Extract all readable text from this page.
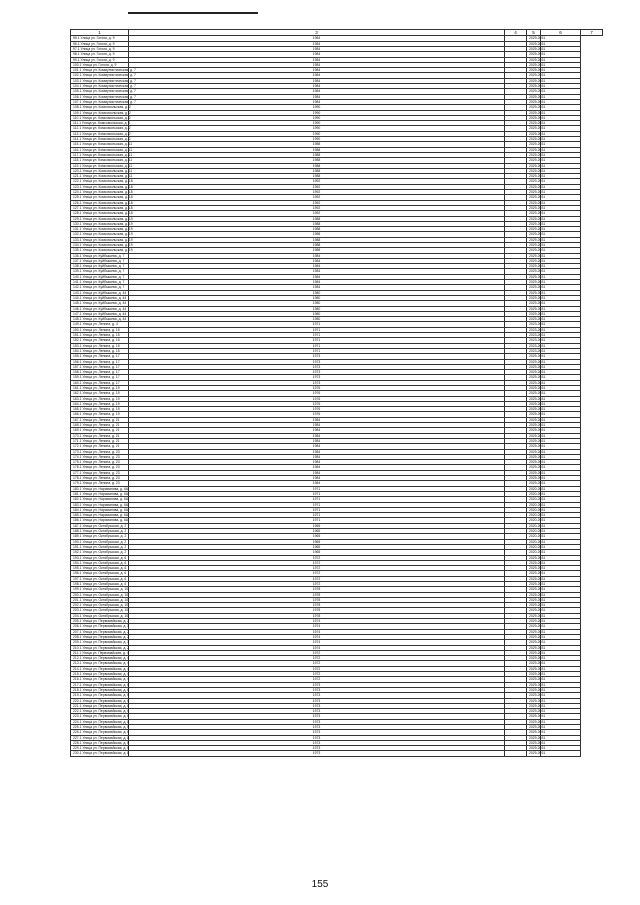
1		3	4	5	6	7
95.1 Улица ул. Гоголя, д. 9		1984		2029-2031		
96.1 Улица ул. Гоголя, д. 9		1984		2029-2031		
97.1 Улица ул. Гоголя, д. 9		1984		2029-2031		
98.1 Улица ул. Гоголя, д. 9		1984		2029-2031		
99.1 Улица ул. Гоголя, д. 9		1984		2029-2031		
100.1 Улица ул. Гоголя, д. 9		1984		2029-2031		
101.1 Улица ул. Коммунистическая, д. 7		1984		2029-2031		
102.1 Улица ул. Коммунистическая, д. 7		1984		2029-2031		
103.1 Улица ул. Коммунистическая, д. 7		1984		2029-2031		
104.1 Улица ул. Коммунистическая, д. 7		1984		2029-2031		
105.1 Улица ул. Коммунистическая, д. 7		1984		2029-2031		
106.1 Улица ул. Коммунистическая, д. 7		1984		2029-2031		
107.1 Улица ул. Коммунистическая, д. 7		1984		2029-2031		
108.1 Улица ул. Комсомольская, д. 2		1990		2029-2031		
109.1 Улица ул. Комсомольская, д. 2		1990		2029-2031		
110.1 Улица ул. Комсомольская, д. 2		1990		2029-2031		
111.1 Улица ул. Комсомольская, д. 2		1990		2029-2031		
112.1 Улица ул. Комсомольская, д. 2		1990		2029-2031		
113.1 Улица ул. Комсомольская, д. 2		1990		2029-2031		
114.1 Улица ул. Комсомольская, д. 2		1990		2029-2031		
115.1 Улица ул. Комсомольская, д. 11		1988		2029-2031		
116.1 Улица ул. Комсомольская, д. 11		1988		2029-2031		
117.1 Улица ул. Комсомольская, д. 11		1988		2029-2031		
118.1 Улица ул. Комсомольская, д. 11		1988		2029-2031		
119.1 Улица ул. Комсомольская, д. 11		1988		2029-2031		
120.1 Улица ул. Комсомольская, д. 11		1988		2029-2031		
121.1 Улица ул. Комсомольская, д. 11		1988		2029-2031		
122.1 Улица ул. Комсомольская, д. 18		1992		2029-2031		
123.1 Улица ул. Комсомольская, д. 18		1992		2029-2031		
124.1 Улица ул. Комсомольская, д. 18		1992		2029-2031		
125.1 Улица ул. Комсомольская, д. 18		1992		2029-2031		
126.1 Улица ул. Комсомольская, д. 18		1992		2029-2031		
127.1 Улица ул. Комсомольская, д. 18		1992		2029-2031		
128.1 Улица ул. Комсомольская, д. 18		1992		2029-2031		
129.1 Улица ул. Комсомольская, д. 19		1988		2029-2031		
130.1 Улица ул. Комсомольская, д. 19		1988		2029-2031		
131.1 Улица ул. Комсомольская, д. 19		1988		2029-2031		
132.1 Улица ул. Комсомольская, д. 19		1988		2029-2031		
133.1 Улица ул. Комсомольская, д. 19		1988		2029-2031		
134.1 Улица ул. Комсомольская, д. 19		1988		2029-2031		
135.1 Улица ул. Комсомольская, д. 19		1988		2029-2031		
136.1 Улица ул. Куйбышева, д. 7		1984		2029-2031		
137.1 Улица ул. Куйбышева, д. 7		1984		2029-2031		
138.1 Улица ул. Куйбышева, д. 7		1984		2029-2031		
139.1 Улица ул. Куйбышева, д. 7		1984		2029-2031		
140.1 Улица ул. Куйбышева, д. 7		1984		2029-2031		
141.1 Улица ул. Куйбышева, д. 7		1984		2029-2031		
142.1 Улица ул. Куйбышева, д. 7		1984		2029-2031		
143.1 Улица ул. Куйбышева, д. 44		1980		2029-2031		
144.1 Улица ул. Куйбышева, д. 44		1980		2029-2031		
145.1 Улица ул. Куйбышева, д. 44		1980		2029-2031		
146.1 Улица ул. Куйбышева, д. 44		1980		2029-2031		
147.1 Улица ул. Куйбышева, д. 44		1980		2029-2031		
148.1 Улица ул. Куйбышева, д. 44		1980		2029-2031		
149.1 Улица ул. Ленина, д. 4		1971		2023-2031		
150.1 Улица ул. Ленина, д. 15		1971		2023-2031		
151.1 Улица ул. Ленина, д. 15		1971		2023-2031		
152.1 Улица ул. Ленина, д. 15		1971		2023-2031		
153.1 Улица ул. Ленина, д. 15		1971		2023-2031		
154.1 Улица ул. Ленина, д. 15		1971		2023-2031		
155.1 Улица ул. Ленина, д. 17		1973		2029-2031		
156.1 Улица ул. Ленина, д. 17		1973		2029-2031		
157.1 Улица ул. Ленина, д. 17		1973		2029-2031		
158.1 Улица ул. Ленина, д. 17		1973		2029-2031		
159.1 Улица ул. Ленина, д. 17		1973		2029-2031		
160.1 Улица ул. Ленина, д. 17		1973		2029-2031		
161.1 Улица ул. Ленина, д. 19		1976		2029-2031		
162.1 Улица ул. Ленина, д. 19		1976		2029-2031		
163.1 Улица ул. Ленина, д. 19		1976		2029-2031		
164.1 Улица ул. Ленина, д. 19		1976		2029-2031		
165.1 Улица ул. Ленина, д. 19		1976		2029-2031		
166.1 Улица ул. Ленина, д. 19		1976		2029-2031		
167.1 Улица ул. Ленина, д. 21		1984		2029-2031		
168.1 Улица ул. Ленина, д. 21		1984		2029-2031		
169.1 Улица ул. Ленина, д. 21		1984		2029-2031		
170.1 Улица ул. Ленина, д. 21		1984		2029-2031		
171.1 Улица ул. Ленина, д. 21		1984		2029-2031		
172.1 Улица ул. Ленина, д. 21		1984		2029-2031		
173.1 Улица ул. Ленина, д. 23		1984		2029-2031		
174.1 Улица ул. Ленина, д. 23		1984		2029-2031		
175.1 Улица ул. Ленина, д. 23		1984		2029-2031		
176.1 Улица ул. Ленина, д. 23		1984		2029-2031		
177.1 Улица ул. Ленина, д. 23		1984		2029-2031		
178.1 Улица ул. Ленина, д. 23		1984		2029-2031		
179.1 Улица ул. Ленина, д. 23		1984		2029-2031		
180.1 Улица ул. Нариманова, д. 6А		1971		2020-2031		
181.1 Улица ул. Нариманова, д. 6А		1971		2020-2031		
182.1 Улица ул. Нариманова, д. 6А		1971		2020-2031		
183.1 Улица ул. Нариманова, д. 6А		1971		2020-2031		
184.1 Улица ул. Нариманова, д. 6А		1971		2020-2031		
185.1 Улица ул. Нариманова, д. 6А		1971		2020-2031		
186.1 Улица ул. Нариманова, д. 6А		1971		2020-2031		
187.1 Улица ул. Октябрьская, д. 2		1965		2020-2031		
188.1 Улица ул. Октябрьская, д. 2		1965		2020-2031		
189.1 Улица ул. Октябрьская, д. 2		1965		2020-2031		
190.1 Улица ул. Октябрьская, д. 2		1965		2020-2031		
191.1 Улица ул. Октябрьская, д. 2		1965		2020-2031		
192.1 Улица ул. Октябрьская, д. 2		1965		2020-2031		
193.1 Улица ул. Октябрьская, д. 6		1972		2029-2031		
194.1 Улица ул. Октябрьская, д. 6		1972		2029-2031		
195.1 Улица ул. Октябрьская, д. 6		1972		2029-2031		
196.1 Улица ул. Октябрьская, д. 6		1972		2029-2031		
197.1 Улица ул. Октябрьская, д. 6		1972		2029-2031		
198.1 Улица ул. Октябрьская, д. 6		1972		2029-2031		
199.1 Улица ул. Октябрьская, д. 10		1978		2029-2031		
200.1 Улица ул. Октябрьская, д. 10		1978		2029-2031		
201.1 Улица ул. Октябрьская, д. 10		1978		2029-2031		
202.1 Улица ул. Октябрьская, д. 10		1978		2029-2031		
203.1 Улица ул. Октябрьская, д. 10		1978		2029-2031		
204.1 Улица ул. Октябрьская, д. 10		1978		2029-2031		
205.1 Улица ул. Первомайская, д. 2		1974		2029-2031		
206.1 Улица ул. Первомайская, д. 2		1974		2029-2031		
207.1 Улица ул. Первомайская, д. 2		1974		2029-2031		
208.1 Улица ул. Первомайская, д. 2		1974		2029-2031		
209.1 Улица ул. Первомайская, д. 2		1974		2029-2031		
210.1 Улица ул. Первомайская, д. 2		1974		2029-2031		
211.1 Улица ул. Первомайская, д. 4		1972		2029-2031		
212.1 Улица ул. Первомайская, д. 4		1972		2029-2031		
213.1 Улица ул. Первомайская, д. 4		1972		2029-2031		
214.1 Улица ул. Первомайская, д. 4		1972		2029-2031		
215.1 Улица ул. Первомайская, д. 4		1972		2029-2031		
216.1 Улица ул. Первомайская, д. 4		1972		2029-2031		
217.1 Улица ул. Первомайская, д. 6		1973		2029-2031		
218.1 Улица ул. Первомайская, д. 6		1973		2029-2031		
219.1 Улица ул. Первомайская, д. 6		1973		2029-2031		
220.1 Улица ул. Первомайская, д. 6		1973		2029-2031		
221.1 Улица ул. Первомайская, д. 6		1973		2029-2031		
222.1 Улица ул. Первомайская, д. 6		1973		2029-2031		
223.1 Улица ул. Первомайская, д. 8		1973		2029-2031		
224.1 Улица ул. Первомайская, д. 8		1973		2029-2031		
225.1 Улица ул. Первомайская, д. 8		1973		2029-2031		
226.1 Улица ул. Первомайская, д. 8		1973		2029-2031		
227.1 Улица ул. Первомайская, д. 8		1973		2029-2031		
228.1 Улица ул. Первомайская, д. 8		1973		2029-2031		
229.1 Улица ул. Первомайская, д. 8		1973		2029-2031		
230.1 Улица ул. Первомайская, д. 8		1973		2029-2031		
155
